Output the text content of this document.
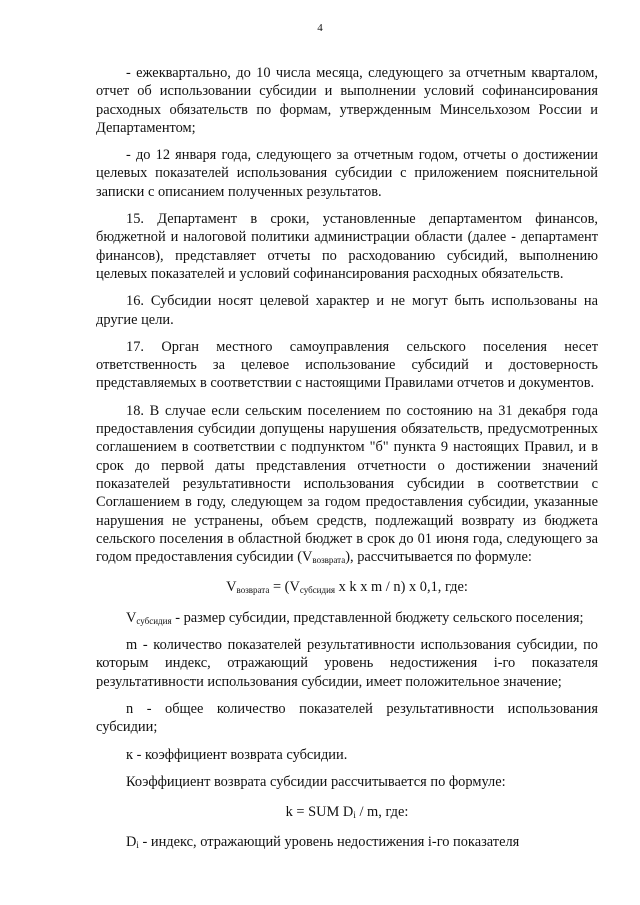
4

- ежеквартально, до 10 числа месяца, следующего за отчетным кварталом, отчет об использовании субсидии и выполнении условий софинансирования расходных обязательств по формам, утвержденным Минсельхозом России и Департаментом;

- до 12 января года, следующего за отчетным годом, отчеты о достижении целевых показателей использования субсидии с приложением пояснительной записки с описанием полученных результатов.

15. Департамент в сроки, установленные департаментом финансов, бюджетной и налоговой политики администрации области (далее - департамент финансов), представляет отчеты по расходованию субсидий, выполнению целевых показателей и условий софинансирования расходных обязательств.

16. Субсидии носят целевой характер и не могут быть использованы на другие цели.

17. Орган местного самоуправления сельского поселения несет ответственность за целевое использование субсидий и достоверность представляемых в соответствии с настоящими Правилами отчетов и документов.

18. В случае если сельским поселением по состоянию на 31 декабря года предоставления субсидии допущены нарушения обязательств, предусмотренных соглашением в соответствии с подпунктом "б" пункта 9 настоящих Правил, и в срок до первой даты представления отчетности о достижении значений показателей результативности использования субсидии в соответствии с Соглашением в году, следующем за годом предоставления субсидии, указанные нарушения не устранены, объем средств, подлежащий возврату из бюджета сельского поселения в областной бюджет в срок до 01 июня года, следующего за годом предоставления субсидии $(V_{возврата})$, рассчитывается по формуле:

$V_{возврата} = (V_{субсидия}$ x k x m / n) x 0,1, где:

$V_{субсидия}$ - размер субсидии, представленной бюджету сельского поселения;

m - количество показателей результативности использования субсидии, по которым индекс, отражающий уровень недостижения i-го показателя результативности использования субсидии, имеет положительное значение;

n - общее количество показателей результативности использования субсидии;

к - коэффициент возврата субсидии.

Коэффициент возврата субсидии рассчитывается по формуле:

k = SUM $D_i$ / m, где:

$D_i$ - индекс, отражающий уровень недостижения i-го показателя
